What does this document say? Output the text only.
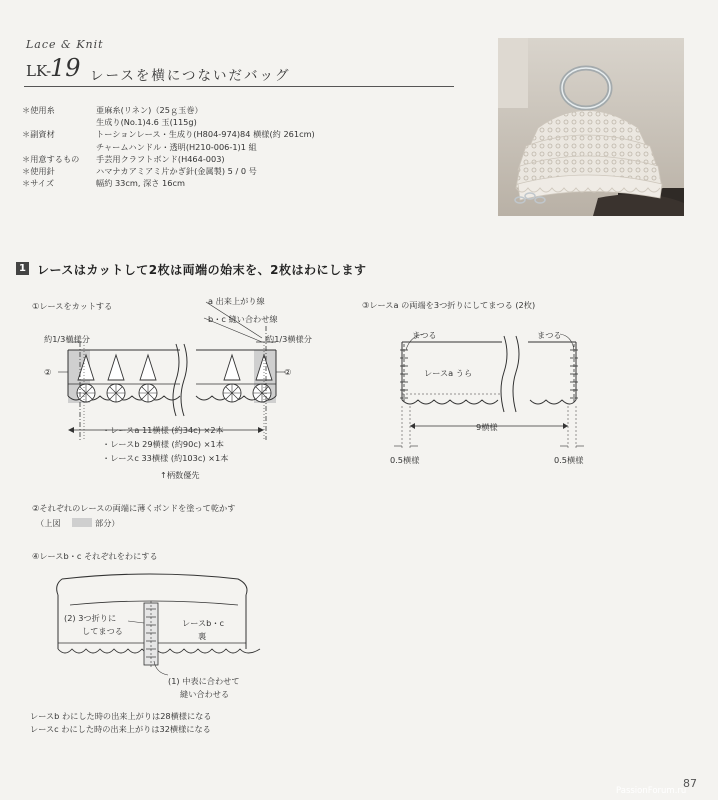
Lace & Knit
LK-
19 レースを横につないだバッグ
＊使用糸	亜麻糸(リネン)（25ｇ玉巻）
生成り(No.1)4.6 玉(115g)
＊副資材	トーションレース・生成り(H804-974)84 横様(約 261cm)
チャームハンドル・透明(H210-006-1)1 組
＊用意するもの	手芸用クラフトボンド(H464-003)
＊使用針	ハマナカアミアミ片かぎ針(金属製) 5 / 0 号
＊サイズ	幅約 33cm, 深さ 16cm
1 レースはカットして2枚は両端の始末を、2枚はわにします
①レースをカットする	a 出来上がり線
b・c 縫い合わせ線
約1/3横様分	約1/3横様分
②	②
・レースa 11横様 (約34c) ×2本
・レースb 29横様 (約90c) ×1本
・レースc 33横様 (約103c) ×1本
↑柄数優先
②それぞれのレースの両端に薄くボンドを塗って乾かす
（上図	部分）
③レースa の両端を3つ折りにしてまつる (2枚)
まつる	まつる
レースa うら
9横様
0.5横様	0.5横様
④レースb・c それぞれをわにする
(2) 3つ折りに
してまつる
レースb・c
裏
(1) 中表に合わせて
縫い合わせる
レースb わにした時の出来上がりは28横様になる
レースc わにした時の出来上がりは32横様になる
87
PassionForum.ru
